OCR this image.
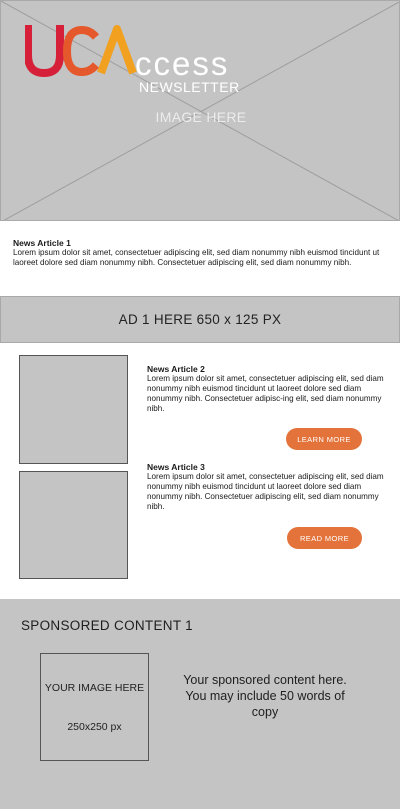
ccess
NEWSLETTER
IMAGE HERE
News Article 1
Lorem ipsum dolor sit amet, consectetuer adipiscing elit, sed diam nonummy nibh euismod tincidunt ut laoreet dolore sed diam nonummy nibh. Consectetuer adipiscing elit, sed diam nonummy nibh.
AD 1 HERE 650 x 125 PX
News Article 2
Lorem ipsum dolor sit amet, consectetuer adipiscing elit, sed diam nonummy nibh euismod tincidunt ut laoreet dolore sed diam nonummy nibh. Consectetuer adipisc-ing elit, sed diam nonummy nibh.
LEARN MORE
News Article 3
Lorem ipsum dolor sit amet, consectetuer adipiscing elit, sed diam nonummy nibh euismod tincidunt ut laoreet dolore sed diam nonummy nibh. Consectetuer adipiscing elit, sed diam nonummy nibh.
READ MORE
SPONSORED CONTENT 1
YOUR IMAGE HERE
250x250 px
Your sponsored content here. You may include 50 words of copy
